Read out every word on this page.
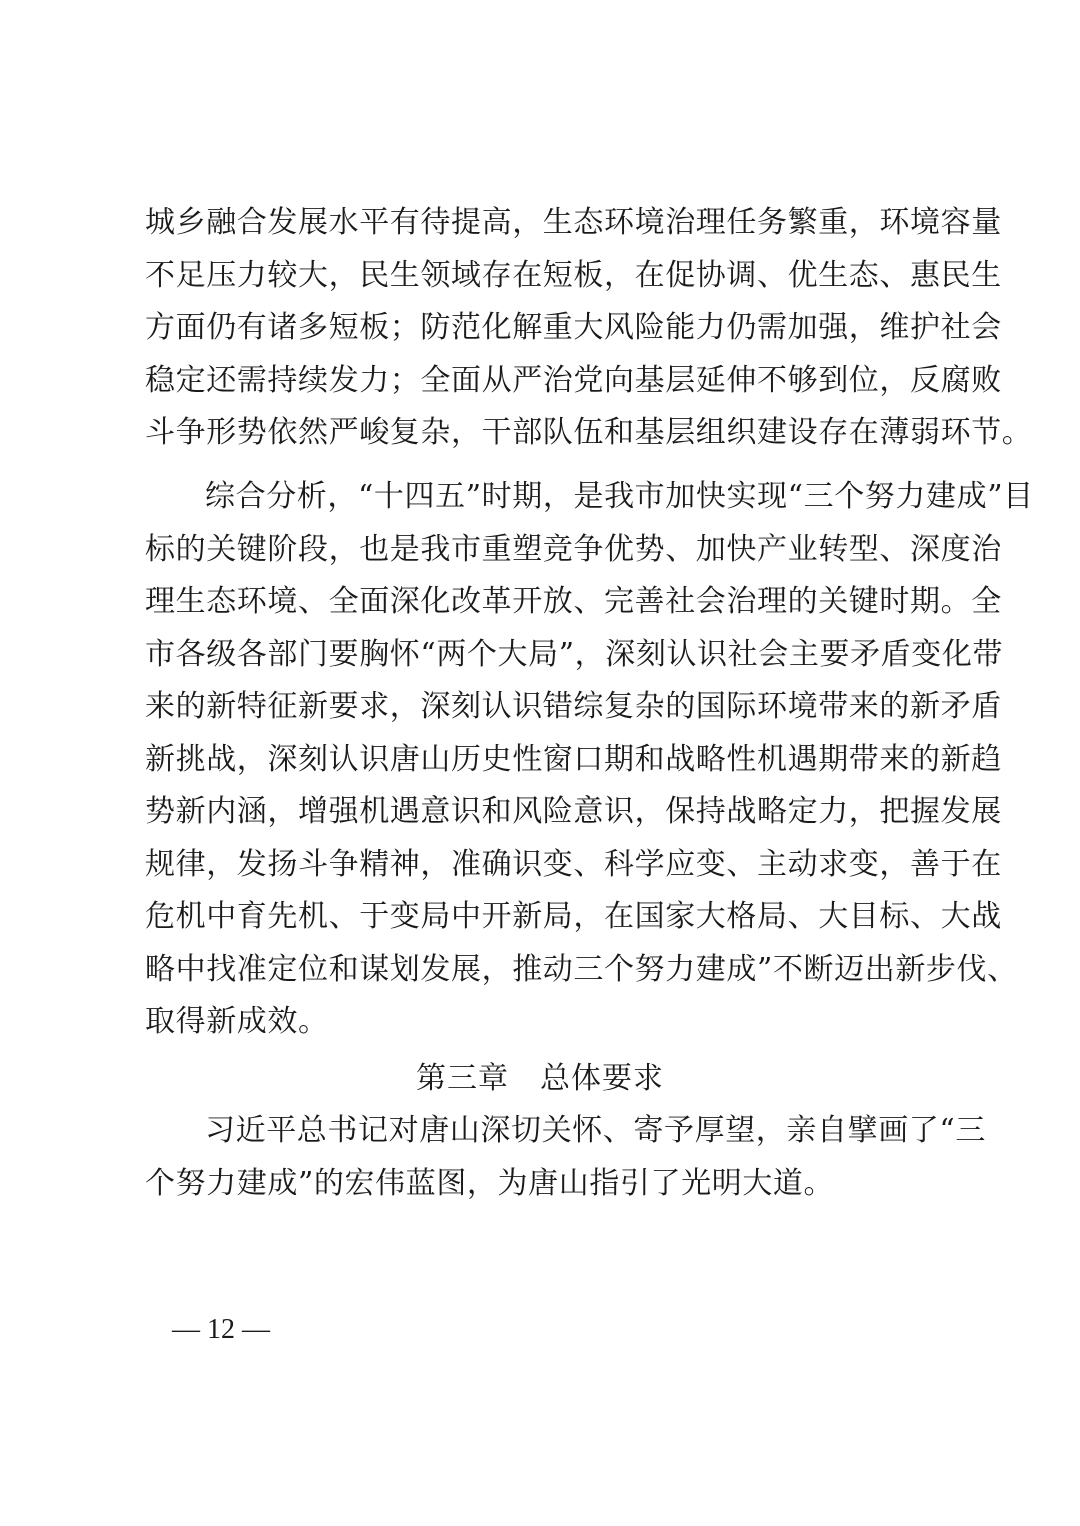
城乡融合发展水平有待提高，生态环境治理任务繁重，环境容量
不足压力较大，民生领域存在短板，在促协调、优生态、惠民生
方面仍有诸多短板；防范化解重大风险能力仍需加强，维护社会
稳定还需持续发力；全面从严治党向基层延伸不够到位，反腐败
斗争形势依然严峻复杂，干部队伍和基层组织建设存在薄弱环节。
综合分析，“十四五”时期，是我市加快实现“三个努力建成”目
标的关键阶段，也是我市重塑竞争优势、加快产业转型、深度治
理生态环境、全面深化改革开放、完善社会治理的关键时期。全
市各级各部门要胸怀“两个大局”，深刻认识社会主要矛盾变化带
来的新特征新要求，深刻认识错综复杂的国际环境带来的新矛盾
新挑战，深刻认识唐山历史性窗口期和战略性机遇期带来的新趋
势新内涵，增强机遇意识和风险意识，保持战略定力，把握发展
规律，发扬斗争精神，准确识变、科学应变、主动求变，善于在
危机中育先机、于变局中开新局，在国家大格局、大目标、大战
略中找准定位和谋划发展，推动三个努力建成”不断迈出新步伐、
取得新成效。
第三章　总体要求
习近平总书记对唐山深切关怀、寄予厚望，亲自擘画了“三
个努力建成”的宏伟蓝图，为唐山指引了光明大道。
— 12 —
